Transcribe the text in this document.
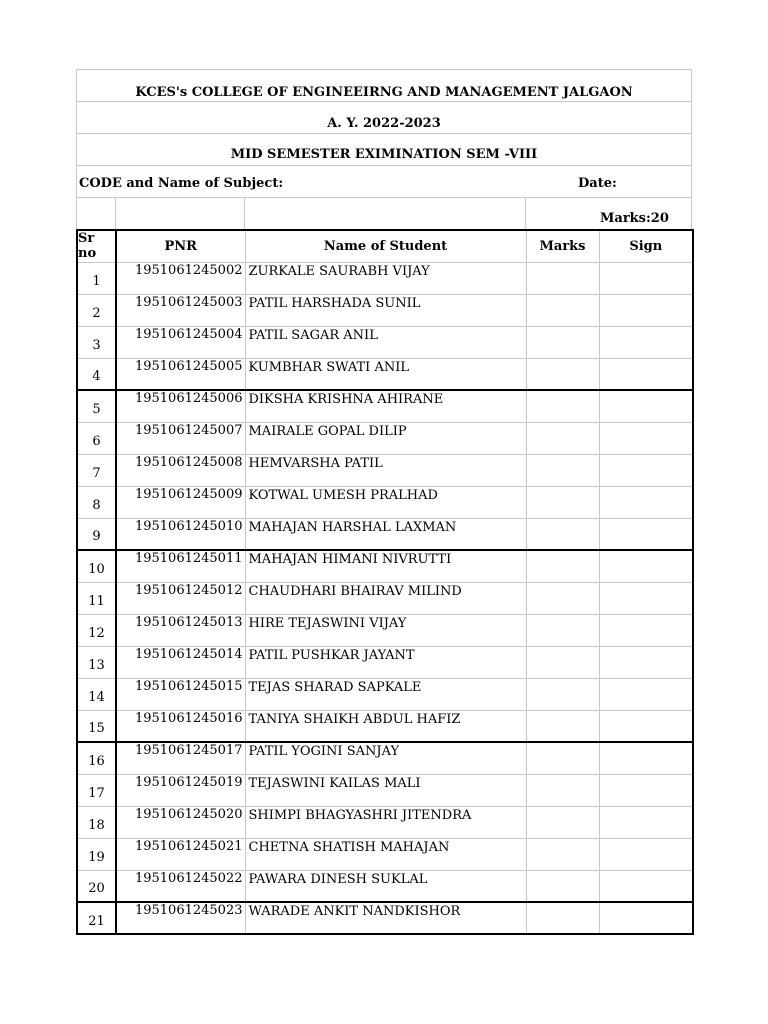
KCES's COLLEGE OF ENGINEEIRNG AND MANAGEMENT JALGAON
A. Y. 2022-2023
MID SEMESTER EXIMINATION SEM -VIII
CODE and Name of Subject:	Date:
Marks:20
Sr no	PNR	Name of Student	Marks	Sign
1	1951061245002	ZURKALE SAURABH VIJAY		
2	1951061245003	PATIL HARSHADA SUNIL		
3	1951061245004	PATIL SAGAR ANIL		
4	1951061245005	KUMBHAR SWATI ANIL		
5	1951061245006	DIKSHA KRISHNA AHIRANE		
6	1951061245007	MAIRALE GOPAL DILIP		
7	1951061245008	HEMVARSHA PATIL		
8	1951061245009	KOTWAL UMESH PRALHAD		
9	1951061245010	MAHAJAN HARSHAL LAXMAN		
10	1951061245011	MAHAJAN HIMANI NIVRUTTI		
11	1951061245012	CHAUDHARI BHAIRAV MILIND		
12	1951061245013	HIRE TEJASWINI VIJAY		
13	1951061245014	PATIL PUSHKAR JAYANT		
14	1951061245015	TEJAS SHARAD SAPKALE		
15	1951061245016	TANIYA SHAIKH ABDUL HAFIZ		
16	1951061245017	PATIL YOGINI SANJAY		
17	1951061245019	TEJASWINI KAILAS MALI		
18	1951061245020	SHIMPI BHAGYASHRI JITENDRA		
19	1951061245021	CHETNA SHATISH MAHAJAN		
20	1951061245022	PAWARA DINESH SUKLAL		
21	1951061245023	WARADE ANKIT NANDKISHOR		
